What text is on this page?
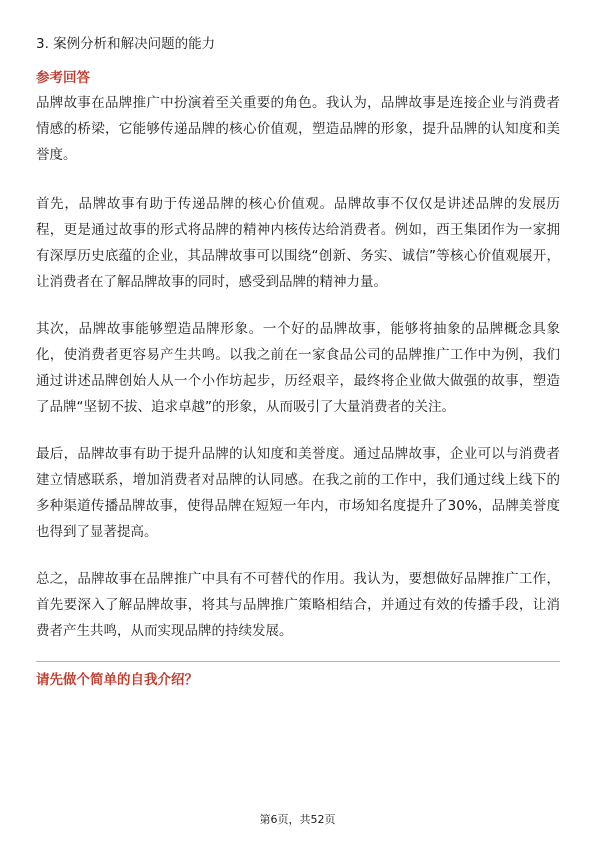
3. 案例分析和解决问题的能力
参考回答

品牌故事在品牌推广中扮演着至关重要的角色。我认为，品牌故事是连接企业与消费者情感的桥梁，它能够传递品牌的核心价值观，塑造品牌的形象，提升品牌的认知度和美誉度。

首先，品牌故事有助于传递品牌的核心价值观。品牌故事不仅仅是讲述品牌的发展历程，更是通过故事的形式将品牌的精神内核传达给消费者。例如，西王集团作为一家拥有深厚历史底蕴的企业，其品牌故事可以围绕“创新、务实、诚信”等核心价值观展开，让消费者在了解品牌故事的同时，感受到品牌的精神力量。

其次，品牌故事能够塑造品牌形象。一个好的品牌故事，能够将抽象的品牌概念具象化，使消费者更容易产生共鸣。以我之前在一家食品公司的品牌推广工作中为例，我们通过讲述品牌创始人从一个小作坊起步，历经艰辛，最终将企业做大做强的故事，塑造了品牌“坚韧不拔、追求卓越”的形象，从而吸引了大量消费者的关注。

最后，品牌故事有助于提升品牌的认知度和美誉度。通过品牌故事，企业可以与消费者建立情感联系，增加消费者对品牌的认同感。在我之前的工作中，我们通过线上线下的多种渠道传播品牌故事，使得品牌在短短一年内，市场知名度提升了30%，品牌美誉度也得到了显著提高。

总之，品牌故事在品牌推广中具有不可替代的作用。我认为，要想做好品牌推广工作，首先要深入了解品牌故事，将其与品牌推广策略相结合，并通过有效的传播手段，让消费者产生共鸣，从而实现品牌的持续发展。

请先做个简单的自我介绍？
第6页，共52页
